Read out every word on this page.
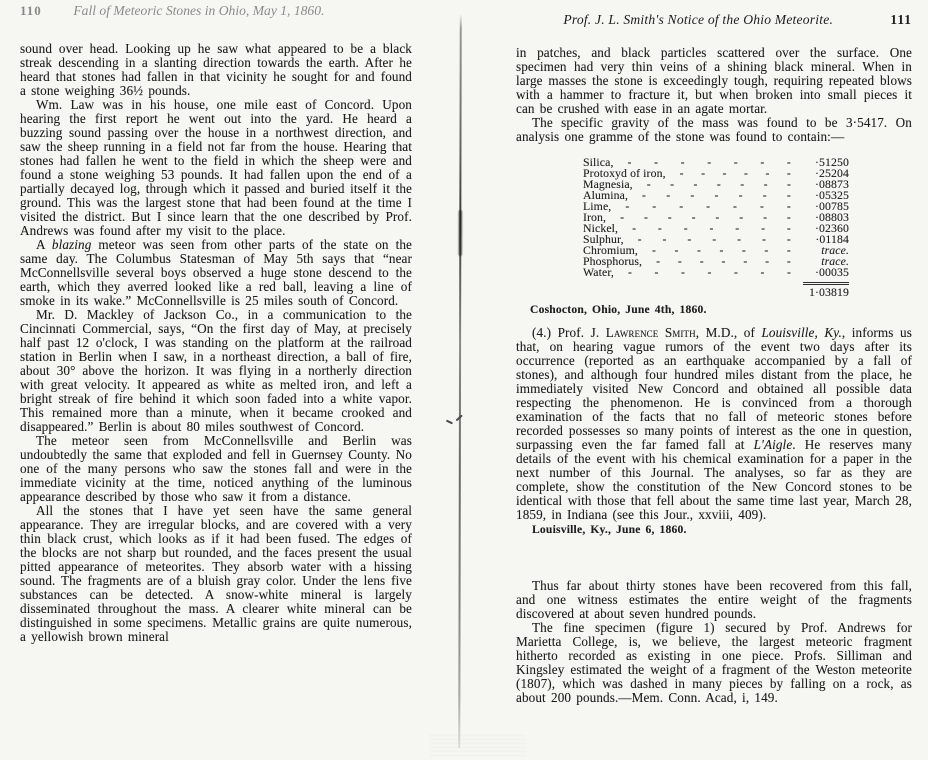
110	Fall of Meteoric Stones in Ohio, May 1, 1860.

sound over head. Looking up he saw what appeared to be a black streak descending in a slanting direction towards the earth. After he heard that stones had fallen in that vicinity he sought for and found a stone weighing 36½ pounds.

Wm. Law was in his house, one mile east of Concord. Upon hearing the first report he went out into the yard. He heard a buzzing sound passing over the house in a northwest direction, and saw the sheep running in a field not far from the house. Hearing that stones had fallen he went to the field in which the sheep were and found a stone weighing 53 pounds. It had fallen upon the end of a partially decayed log, through which it passed and buried itself it the ground. This was the largest stone that had been found at the time I visited the district. But I since learn that the one described by Prof. Andrews was found after my visit to the place.

A blazing meteor was seen from other parts of the state on the same day. The Columbus Statesman of May 5th says that “near McConnellsville several boys observed a huge stone descend to the earth, which they averred looked like a red ball, leaving a line of smoke in its wake.” McConnellsville is 25 miles south of Concord.

Mr. D. Mackley of Jackson Co., in a communication to the Cincinnati Commercial, says, “On the first day of May, at precisely half past 12 o'clock, I was standing on the platform at the railroad station in Berlin when I saw, in a northeast direction, a ball of fire, about 30° above the horizon. It was flying in a northerly direction with great velocity. It appeared as white as melted iron, and left a bright streak of fire behind it which soon faded into a white vapor. This remained more than a minute, when it became crooked and disappeared.” Berlin is about 80 miles southwest of Concord.

The meteor seen from McConnellsville and Berlin was undoubtedly the same that exploded and fell in Guernsey County. No one of the many persons who saw the stones fall and were in the immediate vicinity at the time, noticed anything of the luminous appearance described by those who saw it from a distance.

All the stones that I have yet seen have the same general appearance. They are irregular blocks, and are covered with a very thin black crust, which looks as if it had been fused. The edges of the blocks are not sharp but rounded, and the faces present the usual pitted appearance of meteorites. They absorb water with a hissing sound. The fragments are of a bluish gray color. Under the lens five substances can be detected. A snow-white mineral is largely disseminated throughout the mass. A clearer white mineral can be distinguished in some specimens. Metallic grains are quite numerous, a yellowish brown mineral

Prof. J. L. Smith's Notice of the Ohio Meteorite.	111

in patches, and black particles scattered over the surface. One specimen had very thin veins of a shining black mineral. When in large masses the stone is exceedingly tough, requiring repeated blows with a hammer to fracture it, but when broken into small pieces it can be crushed with ease in an agate mortar.

The specific gravity of the mass was found to be 3·5417. On analysis one gramme of the stone was found to contain:—

Silica, - - - - - - -	·51250
Protoxyd of iron, - - - - - -	·25204
Magnesia, - - - - - - -	·08873
Alumina, - - - - - - -	·05325
Lime, - - - - - - -	·00785
Iron, - - - - - - - -	·08803
Nickel, - - - - - - -	·02360
Sulphur, - - - - - - -	·01184
Chromium, - - - - - - -	trace.
Phosphorus, - - - - - - -	trace.
Water, - - - - - - -	·00035
1·03819

Coshocton, Ohio, June 4th, 1860.

(4.) Prof. J. Lawrence Smith, M.D., of Louisville, Ky., informs us that, on hearing vague rumors of the event two days after its occurrence (reported as an earthquake accompanied by a fall of stones), and although four hundred miles distant from the place, he immediately visited New Concord and obtained all possible data respecting the phenomenon. He is convinced from a thorough examination of the facts that no fall of meteoric stones before recorded possesses so many points of interest as the one in question, surpassing even the far famed fall at L'Aigle. He reserves many details of the event with his chemical examination for a paper in the next number of this Journal. The analyses, so far as they are complete, show the constitution of the New Concord stones to be identical with those that fell about the same time last year, March 28, 1859, in Indiana (see this Jour., xxviii, 409).

Louisville, Ky., June 6, 1860.

Thus far about thirty stones have been recovered from this fall, and one witness estimates the entire weight of the fragments discovered at about seven hundred pounds.

The fine specimen (figure 1) secured by Prof. Andrews for Marietta College, is, we believe, the largest meteoric fragment hitherto recorded as existing in one piece. Profs. Silliman and Kingsley estimated the weight of a fragment of the Weston meteorite (1807), which was dashed in many pieces by falling on a rock, as about 200 pounds.—Mem. Conn. Acad, i, 149.
